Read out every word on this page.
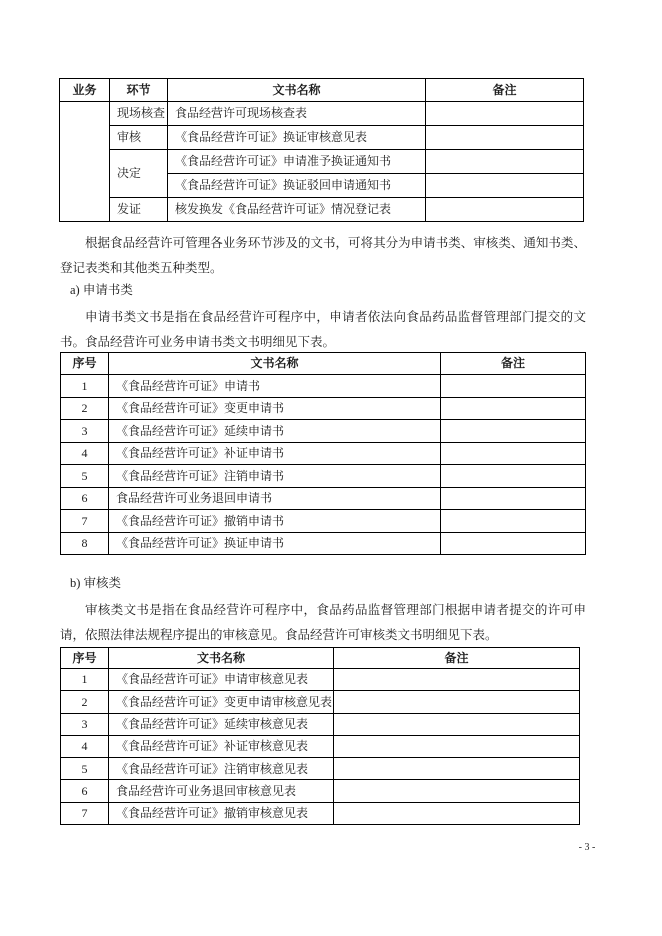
业务	环节	文书名称	备注
	现场核查	食品经营许可现场核查表	
	审核	《食品经营许可证》换证审核意见表	
	决定	《食品经营许可证》申请准予换证通知书	
		《食品经营许可证》换证驳回申请通知书	
	发证	核发换发《食品经营许可证》情况登记表	

根据食品经营许可管理各业务环节涉及的文书，可将其分为申请书类、审核类、通知书类、登记表类和其他类五种类型。

a) 申请书类

申请书类文书是指在食品经营许可程序中，申请者依法向食品药品监督管理部门提交的文书。食品经营许可业务申请书类文书明细见下表。

序号	文书名称	备注
1	《食品经营许可证》申请书	
2	《食品经营许可证》变更申请书	
3	《食品经营许可证》延续申请书	
4	《食品经营许可证》补证申请书	
5	《食品经营许可证》注销申请书	
6	食品经营许可业务退回申请书	
7	《食品经营许可证》撤销申请书	
8	《食品经营许可证》换证申请书	
b) 审核类

审核类文书是指在食品经营许可程序中，食品药品监督管理部门根据申请者提交的许可申请，依照法律法规程序提出的审核意见。食品经营许可审核类文书明细见下表。

序号	文书名称	备注
1	《食品经营许可证》申请审核意见表	
2	《食品经营许可证》变更申请审核意见表	
3	《食品经营许可证》延续审核意见表	
4	《食品经营许可证》补证审核意见表	
5	《食品经营许可证》注销审核意见表	
6	食品经营许可业务退回审核意见表	
7	《食品经营许可证》撤销审核意见表	
- 3 -
